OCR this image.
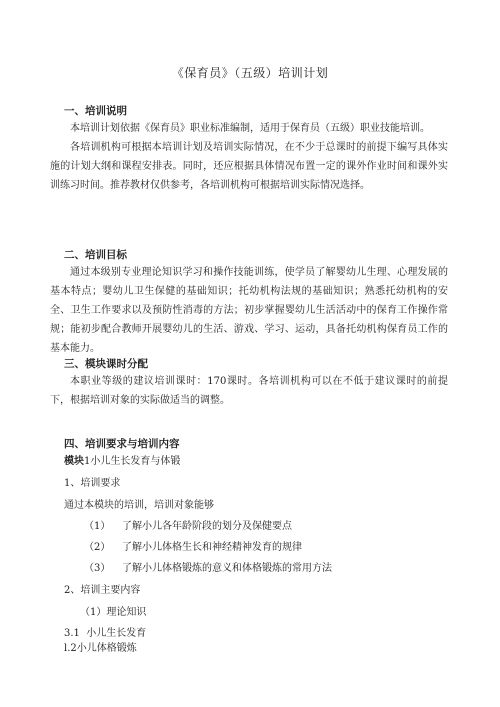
《保育员》（五级）培训计划
一、培训说明

本培训计划依据《保育员》职业标准编制，适用于保育员（五级）职业技能培训。

各培训机构可根据本培训计划及培训实际情况，在不少于总课时的前提下编写具体实施的计划大纲和课程安排表。同时，还应根据具体情况布置一定的课外作业时间和课外实训练习时间。推荐教材仅供参考，各培训机构可根据培训实际情况选择。

二、培训目标

通过本级别专业理论知识学习和操作技能训练，使学员了解婴幼儿生理、心理发展的基本特点；婴幼儿卫生保健的基础知识；托幼机构法规的基础知识；熟悉托幼机构的安全、卫生工作要求以及预防性消毒的方法；初步掌握婴幼儿生活活动中的保育工作操作常规；能初步配合教师开展婴幼儿的生活、游戏、学习、运动，具备托幼机构保育员工作的基本能力。

三、模块课时分配

本职业等级的建议培训课时：170课时。各培训机构可以在不低于建议课时的前提下，根据培训对象的实际做适当的调整。

四、培训要求与培训内容
模块1小儿生长发育与体锻
1、培训要求
通过本模块的培训，培训对象能够
（1） 了解小儿各年龄阶段的划分及保健要点
（2） 了解小儿体格生长和神经精神发育的规律
（3） 了解小儿体格锻炼的意义和体格锻炼的常用方法
2、培训主要内容
（1）理论知识
3.1  小儿生长发育
l.2小儿体格锻炼
